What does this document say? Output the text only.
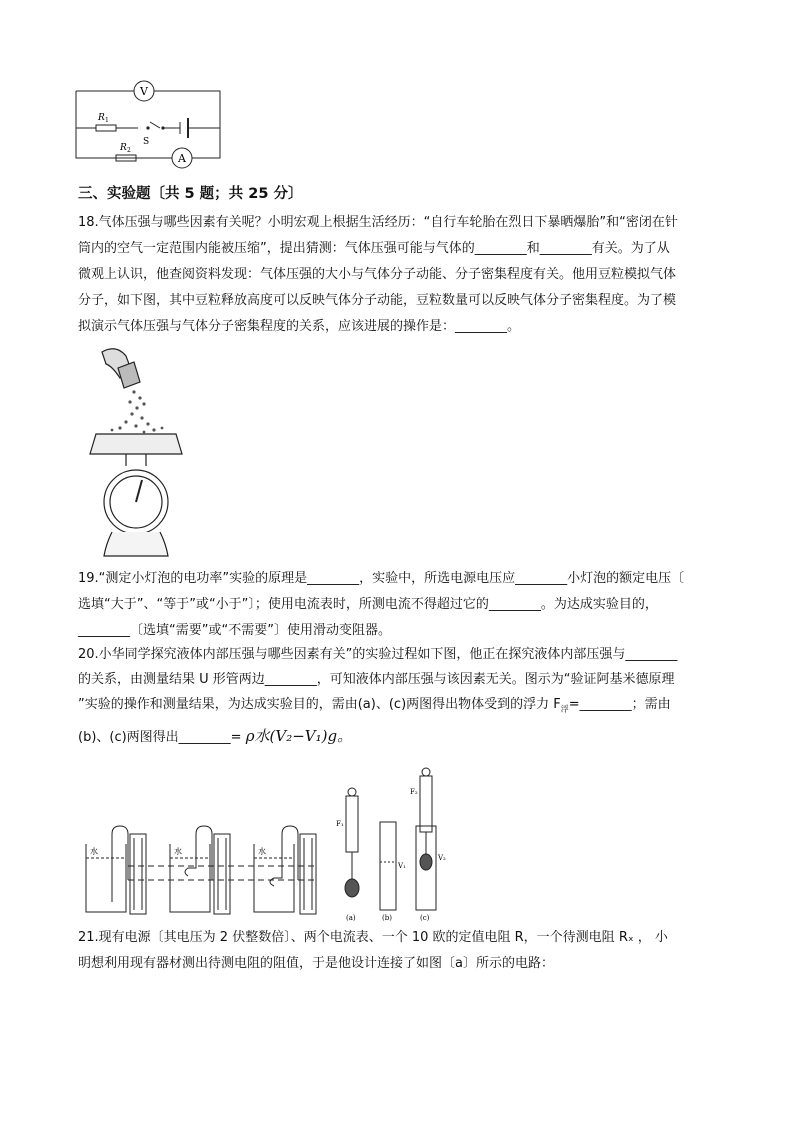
V
A
R 1
R 2
S
三、实验题〔共 5 题；共 25 分〕
18.气体压强与哪些因素有关呢？小明宏观上根据生活经历：“自行车轮胎在烈日下暴晒爆胎”和“密闭在针
筒内的空气一定范围内能被压缩”，提出猜测：气体压强可能与气体的________和________有关。为了从
微观上认识，他查阅资料发现：气体压强的大小与气体分子动能、分子密集程度有关。他用豆粒模拟气体
分子，如下图，其中豆粒释放高度可以反映气体分子动能，豆粒数量可以反映气体分子密集程度。为了模
拟演示气体压强与气体分子密集程度的关系，应该进展的操作是：________。
19.“测定小灯泡的电功率”实验的原理是________，实验中，所选电源电压应________小灯泡的额定电压〔
选填“大于”、“等于”或“小于”〕；使用电流表时，所测电流不得超过它的________。为达成实验目的，
________〔选填“需要”或“不需要”〕使用滑动变阻器。
20.小华同学探究液体内部压强与哪些因素有关”的实验过程如下图，他正在探究液体内部压强与________
的关系，由测量结果 U 形管两边________，可知液体内部压强与该因素无关。图示为“验证阿基米德原理
”实验的操作和测量结果，为达成实验目的，需由(a)、(c)两图得出物体受到的浮力 $F_浮=\_\_\_\_\_\_\_\_$；需由
(b)、(c)两图得出________= ρ水(V₂−V₁)g。
水	水	水
F₁
V₁
F₂
V₂
(a)	(b)	(c)
21.现有电源〔其电压为 2 伏整数倍〕、两个电流表、一个 10 欧的定值电阻 R，一个待测电阻 Rₓ ， 小
明想利用现有器材测出待测电阻的阻值，于是他设计连接了如图〔a〕所示的电路：
